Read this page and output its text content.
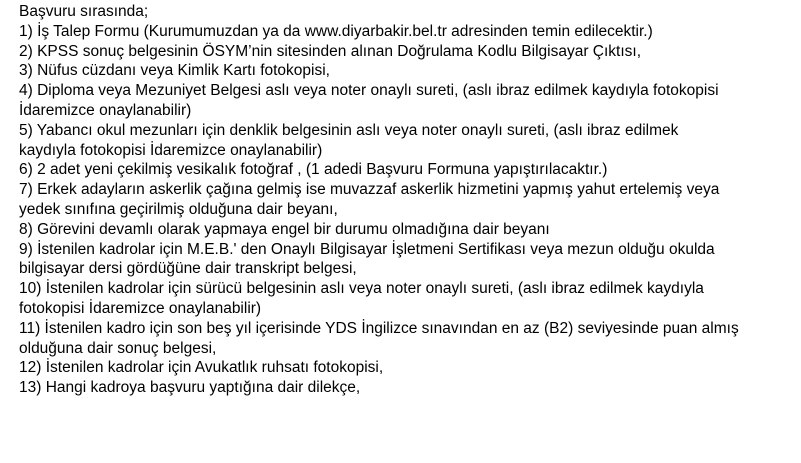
Başvuru sırasında;
1) İş Talep Formu (Kurumumuzdan ya da www.diyarbakir.bel.tr adresinden temin edilecektir.)
2) KPSS sonuç belgesinin ÖSYM’nin sitesinden alınan Doğrulama Kodlu Bilgisayar Çıktısı,
3) Nüfus cüzdanı veya Kimlik Kartı fotokopisi,
4) Diploma veya Mezuniyet Belgesi aslı veya noter onaylı sureti, (aslı ibraz edilmek kaydıyla fotokopisi
İdaremizce onaylanabilir)
5) Yabancı okul mezunları için denklik belgesinin aslı veya noter onaylı sureti, (aslı ibraz edilmek
kaydıyla fotokopisi İdaremizce onaylanabilir)
6) 2 adet yeni çekilmiş vesikalık fotoğraf , (1 adedi Başvuru Formuna yapıştırılacaktır.)
7) Erkek adayların askerlik çağına gelmiş ise muvazzaf askerlik hizmetini yapmış yahut ertelemiş veya
yedek sınıfına geçirilmiş olduğuna dair beyanı,
8) Görevini devamlı olarak yapmaya engel bir durumu olmadığına dair beyanı
9) İstenilen kadrolar için M.E.B.' den Onaylı Bilgisayar İşletmeni Sertifikası veya mezun olduğu okulda
bilgisayar dersi gördüğüne dair transkript belgesi,
10) İstenilen kadrolar için sürücü belgesinin aslı veya noter onaylı sureti, (aslı ibraz edilmek kaydıyla
fotokopisi İdaremizce onaylanabilir)
11) İstenilen kadro için son beş yıl içerisinde YDS İngilizce sınavından en az (B2) seviyesinde puan almış
olduğuna dair sonuç belgesi,
12) İstenilen kadrolar için Avukatlık ruhsatı fotokopisi,
13) Hangi kadroya başvuru yaptığına dair dilekçe,
